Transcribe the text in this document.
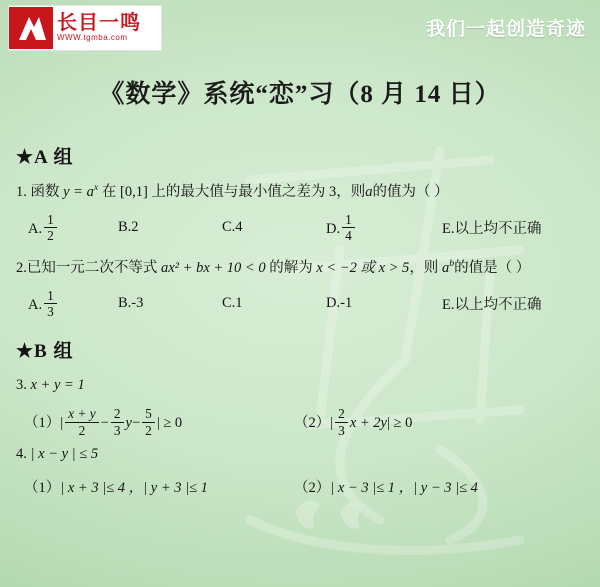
长目一鸣
WWW.tgmba.com	我们一起创造奇迹
《数学》系统“恋”习（8 月 14 日）
★A 组
1. 函数 $y = a^x$ 在 [0,1] 上的最大值与最小值之差为 3，则a的值为（ ）
A. $\frac{1}{2}$	B.2	C.4	D. $\frac{1}{4}$	E.以上均不正确
2.已知一元二次不等式 ax² + bx + 10 < 0 的解为 x < −2 或 x > 5，则 $a^b$的值是（ ）
A. $\frac{1}{3}$	B.-3	C.1	D.-1	E.以上均不正确
★B 组
3. x + y = 1
$(1)| \frac{x + y}{2} - \frac{2}{3} y- \frac{5}{2}$ | ≥ 0	$(2)| \frac{2}{3}$ x + 2y| ≥ 0
4. | x − y | ≤ 5
（1）| x + 3 |≤ 4 ，| y + 3 |≤ 1	（2）| x − 3 |≤ 1 ，| y − 3 |≤ 4
